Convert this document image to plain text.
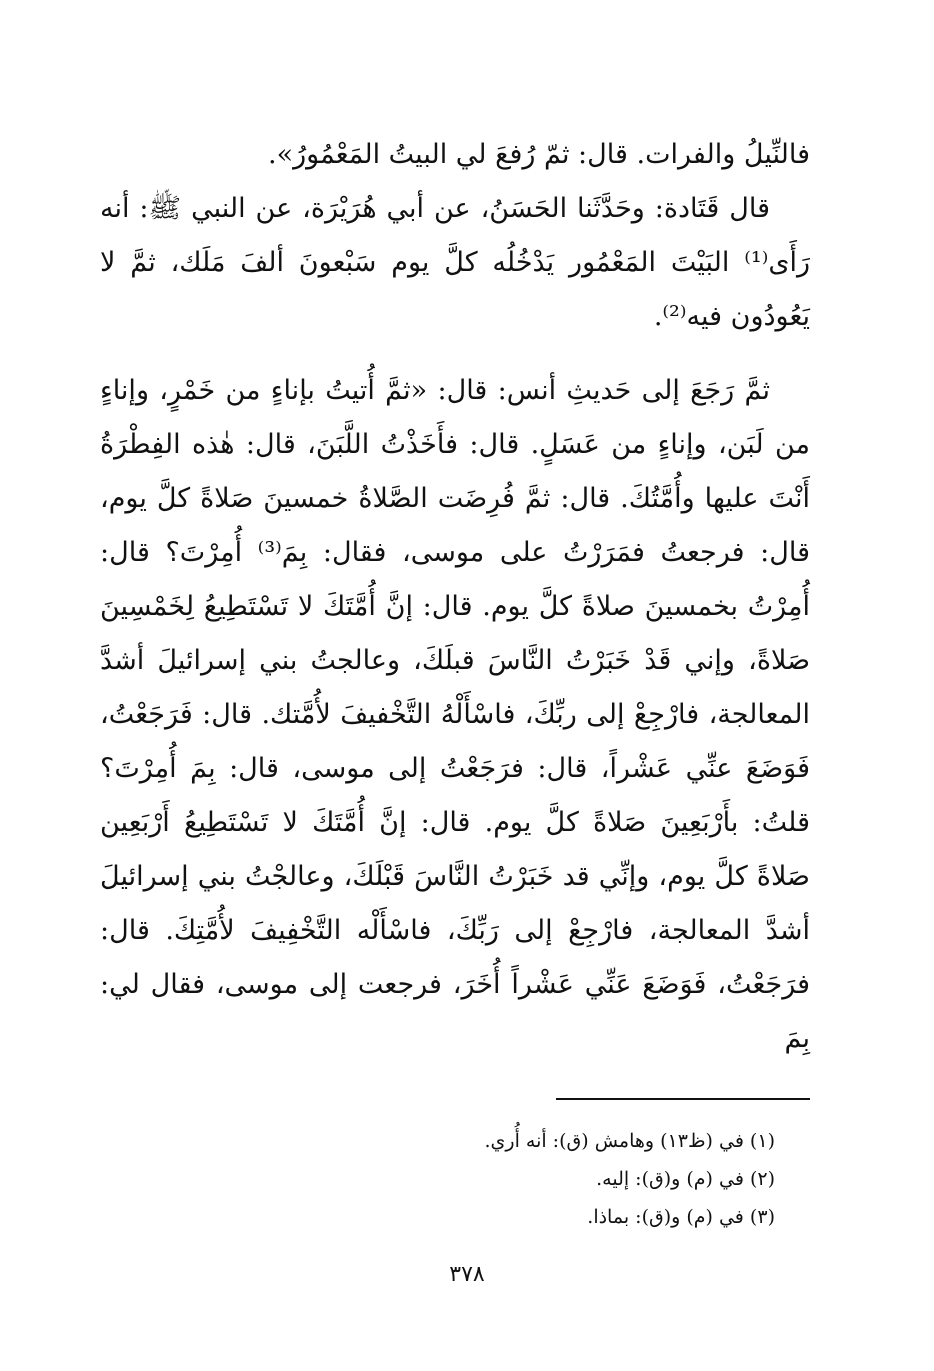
فالنِّيلُ والفرات. قال: ثمّ رُفعَ لي البيتُ المَعْمُورُ».

قال قَتَادة: وحَدَّثَنا الحَسَنُ، عن أبي هُرَيْرَة، عن النبي ﷺ: أنه رَأَى⁽¹⁾ البَيْتَ المَعْمُور يَدْخُلُه كلَّ يوم سَبْعونَ ألفَ مَلَك، ثمَّ لا يَعُودُون فيه⁽²⁾.

ثمَّ رَجَعَ إلى حَديثِ أنس: قال: «ثمَّ أُتيتُ بإناءٍ من خَمْرٍ، وإناءٍ من لَبَن، وإناءٍ من عَسَلٍ. قال: فأَخَذْتُ اللَّبَنَ، قال: هٰذه الفِطْرَةُ أَنْتَ عليها وأُمَّتُكَ. قال: ثمَّ فُرِضَت الصَّلاةُ خمسينَ صَلاةً كلَّ يوم، قال: فرجعتُ فمَرَرْتُ على موسى، فقال: بِمَ⁽³⁾ أُمِرْتَ؟ قال: أُمِرْتُ بخمسينَ صلاةً كلَّ يوم. قال: إنَّ أُمَّتَكَ لا تَسْتَطِيعُ لِخَمْسِينَ صَلاةً، وإني قَدْ خَبَرْتُ النَّاسَ قبلَكَ، وعالجتُ بني إسرائيلَ أشدَّ المعالجة، فارْجِعْ إلى ربِّكَ، فاسْأَلْهُ التَّخْفيفَ لأُمَّتك. قال: فَرَجَعْتُ، فَوَضَعَ عنِّي عَشْراً، قال: فرَجَعْتُ إلى موسى، قال: بِمَ أُمِرْتَ؟ قلتُ: بأَرْبَعِينَ صَلاةً كلَّ يوم. قال: إنَّ أُمَّتَكَ لا تَسْتَطِيعُ أَرْبَعِين صَلاةً كلَّ يوم، وإنِّي قد خَبَرْتُ النَّاسَ قَبْلَكَ، وعالجْتُ بني إسرائيلَ أشدَّ المعالجة، فارْجِعْ إلى رَبِّكَ، فاسْأَلْه التَّخْفِيفَ لأُمَّتِكَ. قال: فرَجَعْتُ، فَوَضَعَ عَنِّي عَشْراً أُخَرَ، فرجعت إلى موسى، فقال لي: بِمَ

(١) في (ظ١٣) وهامش (ق): أنه أُري.

(٢) في (م) و(ق): إليه.

(٣) في (م) و(ق): بماذا.

٣٧٨
